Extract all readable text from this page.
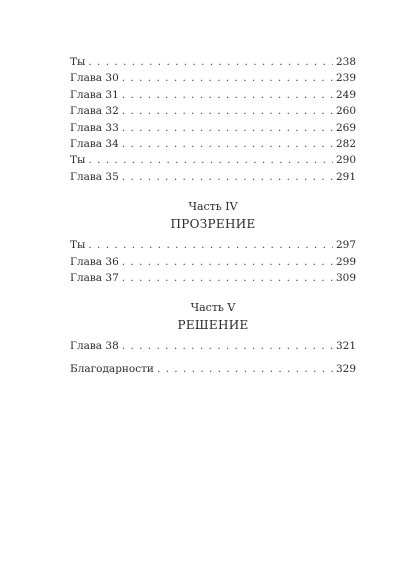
Ты . . .	238
Глава 30 . . .	239
Глава 31 . . .	249
Глава 32 . . .	260
Глава 33 . . .	269
Глава 34 . . .	282
Ты . . .	290
Глава 35 . . .	291
Часть IV
ПРОЗРЕНИЕ
Ты . . .	297
Глава 36 . . .	299
Глава 37 . . .	309
Часть V
РЕШЕНИЕ
Глава 38 . . .	321
Благодарности . . .	329
